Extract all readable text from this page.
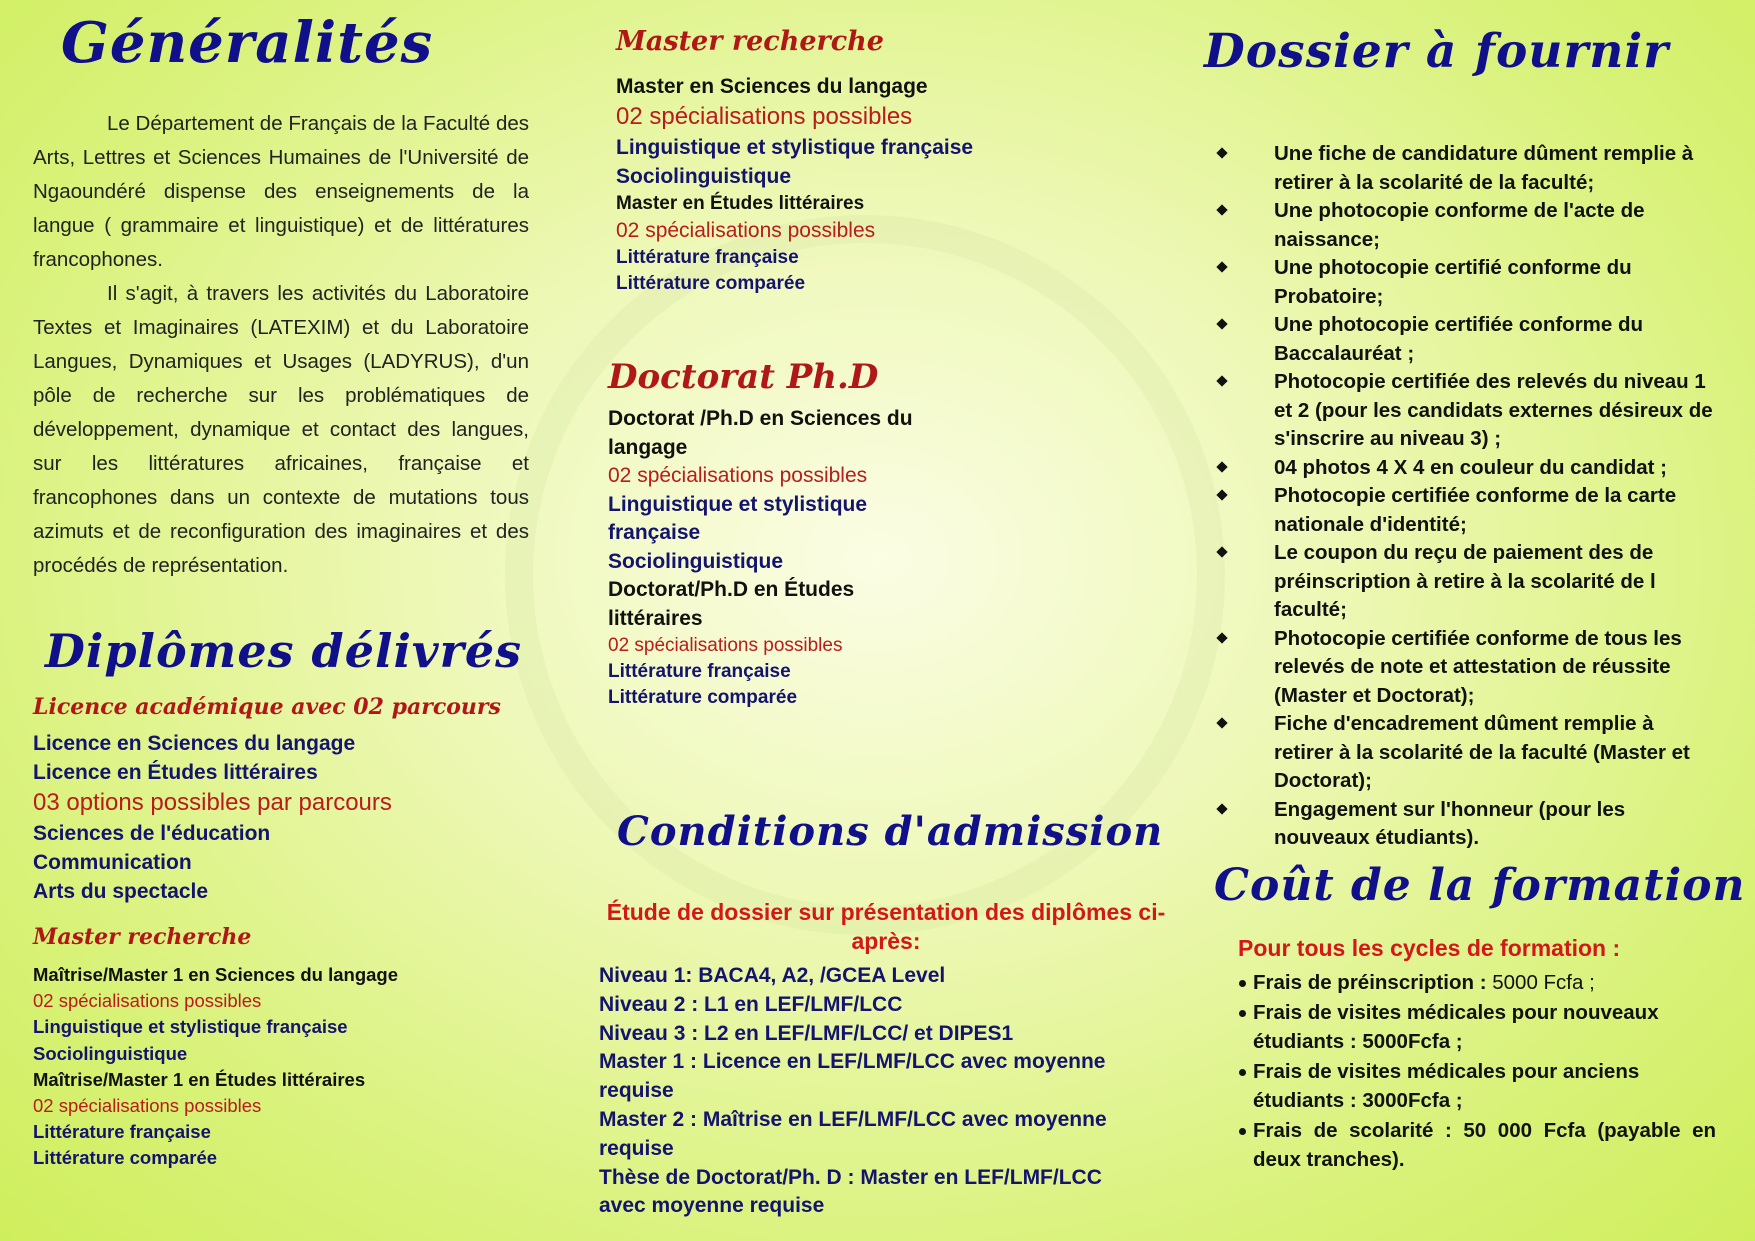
Généralités

Le Département de Français de la Faculté des Arts, Lettres et Sciences Humaines de l'Université de Ngaoundéré dispense des enseignements de la langue ( grammaire et linguistique) et de littératures francophones.

Il s'agit, à travers les activités du Laboratoire Textes et Imaginaires (LATEXIM) et du Laboratoire Langues, Dynamiques et Usages (LADYRUS), d'un pôle de recherche sur les problématiques de développement, dynamique et contact des langues, sur les littératures africaines, française et francophones dans un contexte de mutations tous azimuts et de reconfiguration des imaginaires et des procédés de représentation.

Diplômes délivrés
Licence académique avec 02 parcours
Licence en Sciences du langage
Licence en Études littéraires
03 options possibles par parcours
Sciences de l'éducation
Communication
Arts du spectacle
Master recherche
Maîtrise/Master 1 en Sciences du langage
02 spécialisations possibles
Linguistique et stylistique française
Sociolinguistique
Maîtrise/Master 1 en Études littéraires
02 spécialisations possibles
Littérature française
Littérature comparée
Master recherche
Master en Sciences du langage
02 spécialisations possibles
Linguistique et stylistique française
Sociolinguistique
Master en Études littéraires
02 spécialisations possibles
Littérature française
Littérature comparée
Doctorat Ph.D
Doctorat /Ph.D en Sciences du langage
02 spécialisations possibles
Linguistique et stylistique française
Sociolinguistique
Doctorat/Ph.D en Études littéraires
02 spécialisations possibles
Littérature française
Littérature comparée
Conditions d'admission
Étude de dossier sur présentation des diplômes ci-après:
Niveau 1: BACA4, A2, /GCEA Level
Niveau 2 : L1 en LEF/LMF/LCC
Niveau 3 : L2 en LEF/LMF/LCC/ et DIPES1
Master 1 : Licence en LEF/LMF/LCC avec moyenne requise
Master 2 : Maîtrise en LEF/LMF/LCC avec moyenne requise
Thèse de Doctorat/Ph. D : Master en LEF/LMF/LCC avec moyenne requise
Dossier à fournir
Une fiche de candidature dûment remplie à retirer à la scolarité de la faculté;
Une photocopie conforme de l'acte de naissance;
Une photocopie certifié conforme du Probatoire;
Une photocopie certifiée conforme du Baccalauréat ;
Photocopie certifiée des relevés du niveau 1 et 2 (pour les candidats externes désireux de s'inscrire au niveau 3) ;
04 photos 4 X 4 en couleur du candidat ;
Photocopie certifiée conforme de la carte nationale d'identité;
Le coupon du reçu de paiement des de préinscription à retire à la scolarité de l faculté;
Photocopie certifiée conforme de tous les relevés de note et attestation de réussite (Master et Doctorat);
Fiche d'encadrement dûment remplie à retirer à la scolarité de la faculté (Master et Doctorat);
Engagement sur l'honneur (pour les nouveaux étudiants).
Coût de la formation
Pour tous les cycles de formation :
Frais de préinscription : 5000 Fcfa ;
Frais de visites médicales pour nouveaux étudiants : 5000Fcfa ;
Frais de visites médicales pour anciens étudiants : 3000Fcfa ;
Frais de scolarité : 50 000 Fcfa (payable en deux tranches).
